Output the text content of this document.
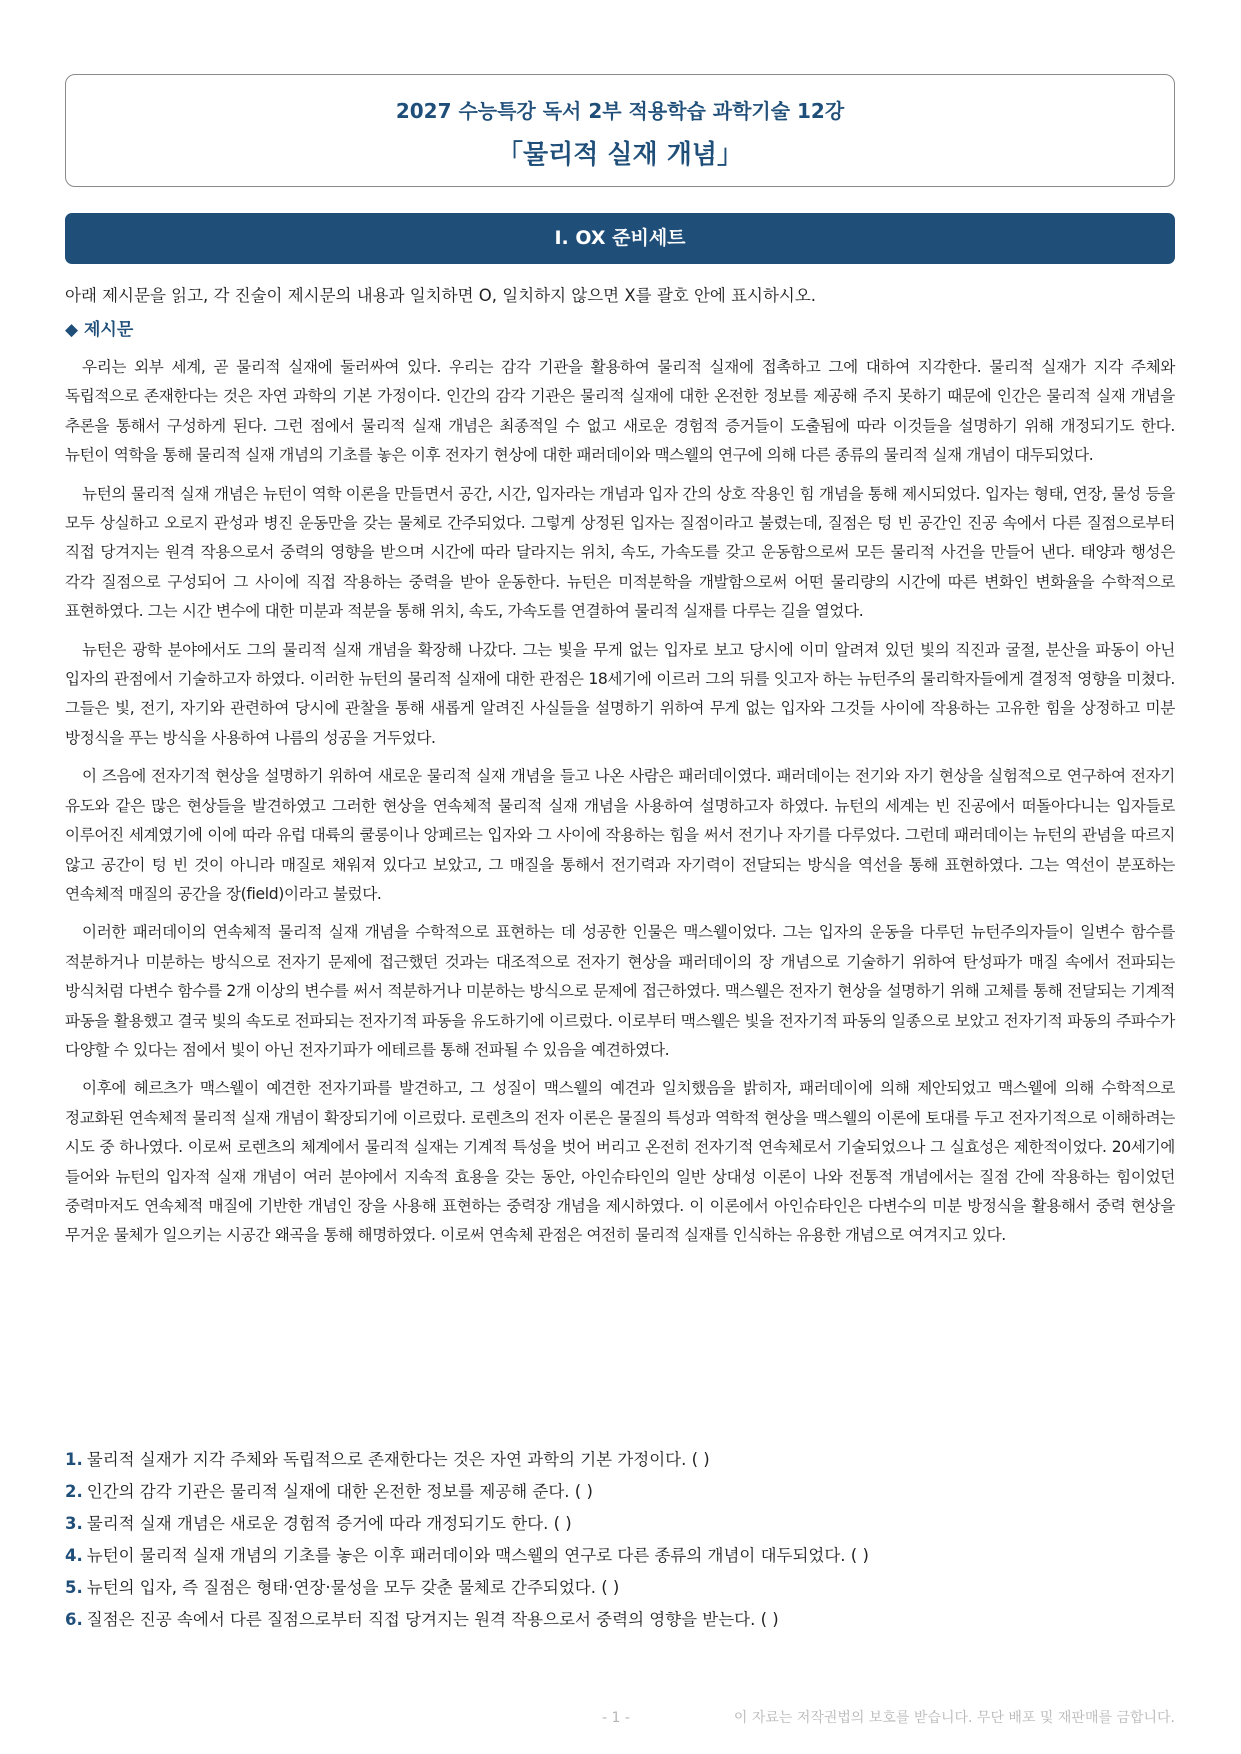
2027 수능특강 독서 2부 적용학습 과학기술 12강
「물리적 실재 개념」
Ⅰ. OX 준비세트
아래 제시문을 읽고, 각 진술이 제시문의 내용과 일치하면 O, 일치하지 않으면 X를 괄호 안에 표시하시오.
◆ 제시문

우리는 외부 세계, 곧 물리적 실재에 둘러싸여 있다. 우리는 감각 기관을 활용하여 물리적 실재에 접촉하고 그에 대하여 지각한다. 물리적 실재가 지각 주체와 독립적으로 존재한다는 것은 자연 과학의 기본 가정이다. 인간의 감각 기관은 물리적 실재에 대한 온전한 정보를 제공해 주지 못하기 때문에 인간은 물리적 실재 개념을 추론을 통해서 구성하게 된다. 그런 점에서 물리적 실재 개념은 최종적일 수 없고 새로운 경험적 증거들이 도출됨에 따라 이것들을 설명하기 위해 개정되기도 한다. 뉴턴이 역학을 통해 물리적 실재 개념의 기초를 놓은 이후 전자기 현상에 대한 패러데이와 맥스웰의 연구에 의해 다른 종류의 물리적 실재 개념이 대두되었다.

뉴턴의 물리적 실재 개념은 뉴턴이 역학 이론을 만들면서 공간, 시간, 입자라는 개념과 입자 간의 상호 작용인 힘 개념을 통해 제시되었다. 입자는 형태, 연장, 물성 등을 모두 상실하고 오로지 관성과 병진 운동만을 갖는 물체로 간주되었다. 그렇게 상정된 입자는 질점이라고 불렸는데, 질점은 텅 빈 공간인 진공 속에서 다른 질점으로부터 직접 당겨지는 원격 작용으로서 중력의 영향을 받으며 시간에 따라 달라지는 위치, 속도, 가속도를 갖고 운동함으로써 모든 물리적 사건을 만들어 낸다. 태양과 행성은 각각 질점으로 구성되어 그 사이에 직접 작용하는 중력을 받아 운동한다. 뉴턴은 미적분학을 개발함으로써 어떤 물리량의 시간에 따른 변화인 변화율을 수학적으로 표현하였다. 그는 시간 변수에 대한 미분과 적분을 통해 위치, 속도, 가속도를 연결하여 물리적 실재를 다루는 길을 열었다.

뉴턴은 광학 분야에서도 그의 물리적 실재 개념을 확장해 나갔다. 그는 빛을 무게 없는 입자로 보고 당시에 이미 알려져 있던 빛의 직진과 굴절, 분산을 파동이 아닌 입자의 관점에서 기술하고자 하였다. 이러한 뉴턴의 물리적 실재에 대한 관점은 18세기에 이르러 그의 뒤를 잇고자 하는 뉴턴주의 물리학자들에게 결정적 영향을 미쳤다. 그들은 빛, 전기, 자기와 관련하여 당시에 관찰을 통해 새롭게 알려진 사실들을 설명하기 위하여 무게 없는 입자와 그것들 사이에 작용하는 고유한 힘을 상정하고 미분 방정식을 푸는 방식을 사용하여 나름의 성공을 거두었다.

이 즈음에 전자기적 현상을 설명하기 위하여 새로운 물리적 실재 개념을 들고 나온 사람은 패러데이였다. 패러데이는 전기와 자기 현상을 실험적으로 연구하여 전자기 유도와 같은 많은 현상들을 발견하였고 그러한 현상을 연속체적 물리적 실재 개념을 사용하여 설명하고자 하였다. 뉴턴의 세계는 빈 진공에서 떠돌아다니는 입자들로 이루어진 세계였기에 이에 따라 유럽 대륙의 쿨롱이나 앙페르는 입자와 그 사이에 작용하는 힘을 써서 전기나 자기를 다루었다. 그런데 패러데이는 뉴턴의 관념을 따르지 않고 공간이 텅 빈 것이 아니라 매질로 채워져 있다고 보았고, 그 매질을 통해서 전기력과 자기력이 전달되는 방식을 역선을 통해 표현하였다. 그는 역선이 분포하는 연속체적 매질의 공간을 장(field)이라고 불렀다.

이러한 패러데이의 연속체적 물리적 실재 개념을 수학적으로 표현하는 데 성공한 인물은 맥스웰이었다. 그는 입자의 운동을 다루던 뉴턴주의자들이 일변수 함수를 적분하거나 미분하는 방식으로 전자기 문제에 접근했던 것과는 대조적으로 전자기 현상을 패러데이의 장 개념으로 기술하기 위하여 탄성파가 매질 속에서 전파되는 방식처럼 다변수 함수를 2개 이상의 변수를 써서 적분하거나 미분하는 방식으로 문제에 접근하였다. 맥스웰은 전자기 현상을 설명하기 위해 고체를 통해 전달되는 기계적 파동을 활용했고 결국 빛의 속도로 전파되는 전자기적 파동을 유도하기에 이르렀다. 이로부터 맥스웰은 빛을 전자기적 파동의 일종으로 보았고 전자기적 파동의 주파수가 다양할 수 있다는 점에서 빛이 아닌 전자기파가 에테르를 통해 전파될 수 있음을 예견하였다.

이후에 헤르츠가 맥스웰이 예견한 전자기파를 발견하고, 그 성질이 맥스웰의 예견과 일치했음을 밝히자, 패러데이에 의해 제안되었고 맥스웰에 의해 수학적으로 정교화된 연속체적 물리적 실재 개념이 확장되기에 이르렀다. 로렌츠의 전자 이론은 물질의 특성과 역학적 현상을 맥스웰의 이론에 토대를 두고 전자기적으로 이해하려는 시도 중 하나였다. 이로써 로렌츠의 체계에서 물리적 실재는 기계적 특성을 벗어 버리고 온전히 전자기적 연속체로서 기술되었으나 그 실효성은 제한적이었다. 20세기에 들어와 뉴턴의 입자적 실재 개념이 여러 분야에서 지속적 효용을 갖는 동안, 아인슈타인의 일반 상대성 이론이 나와 전통적 개념에서는 질점 간에 작용하는 힘이었던 중력마저도 연속체적 매질에 기반한 개념인 장을 사용해 표현하는 중력장 개념을 제시하였다. 이 이론에서 아인슈타인은 다변수의 미분 방정식을 활용해서 중력 현상을 무거운 물체가 일으키는 시공간 왜곡을 통해 해명하였다. 이로써 연속체 관점은 여전히 물리적 실재를 인식하는 유용한 개념으로 여겨지고 있다.

1. 물리적 실재가 지각 주체와 독립적으로 존재한다는 것은 자연 과학의 기본 가정이다. ( )
2. 인간의 감각 기관은 물리적 실재에 대한 온전한 정보를 제공해 준다. ( )
3. 물리적 실재 개념은 새로운 경험적 증거에 따라 개정되기도 한다. ( )
4. 뉴턴이 물리적 실재 개념의 기초를 놓은 이후 패러데이와 맥스웰의 연구로 다른 종류의 개념이 대두되었다. ( )
5. 뉴턴의 입자, 즉 질점은 형태·연장·물성을 모두 갖춘 물체로 간주되었다. ( )
6. 질점은 진공 속에서 다른 질점으로부터 직접 당겨지는 원격 작용으로서 중력의 영향을 받는다. ( )
- 1 -	이 자료는 저작권법의 보호를 받습니다. 무단 배포 및 재판매를 금합니다.
